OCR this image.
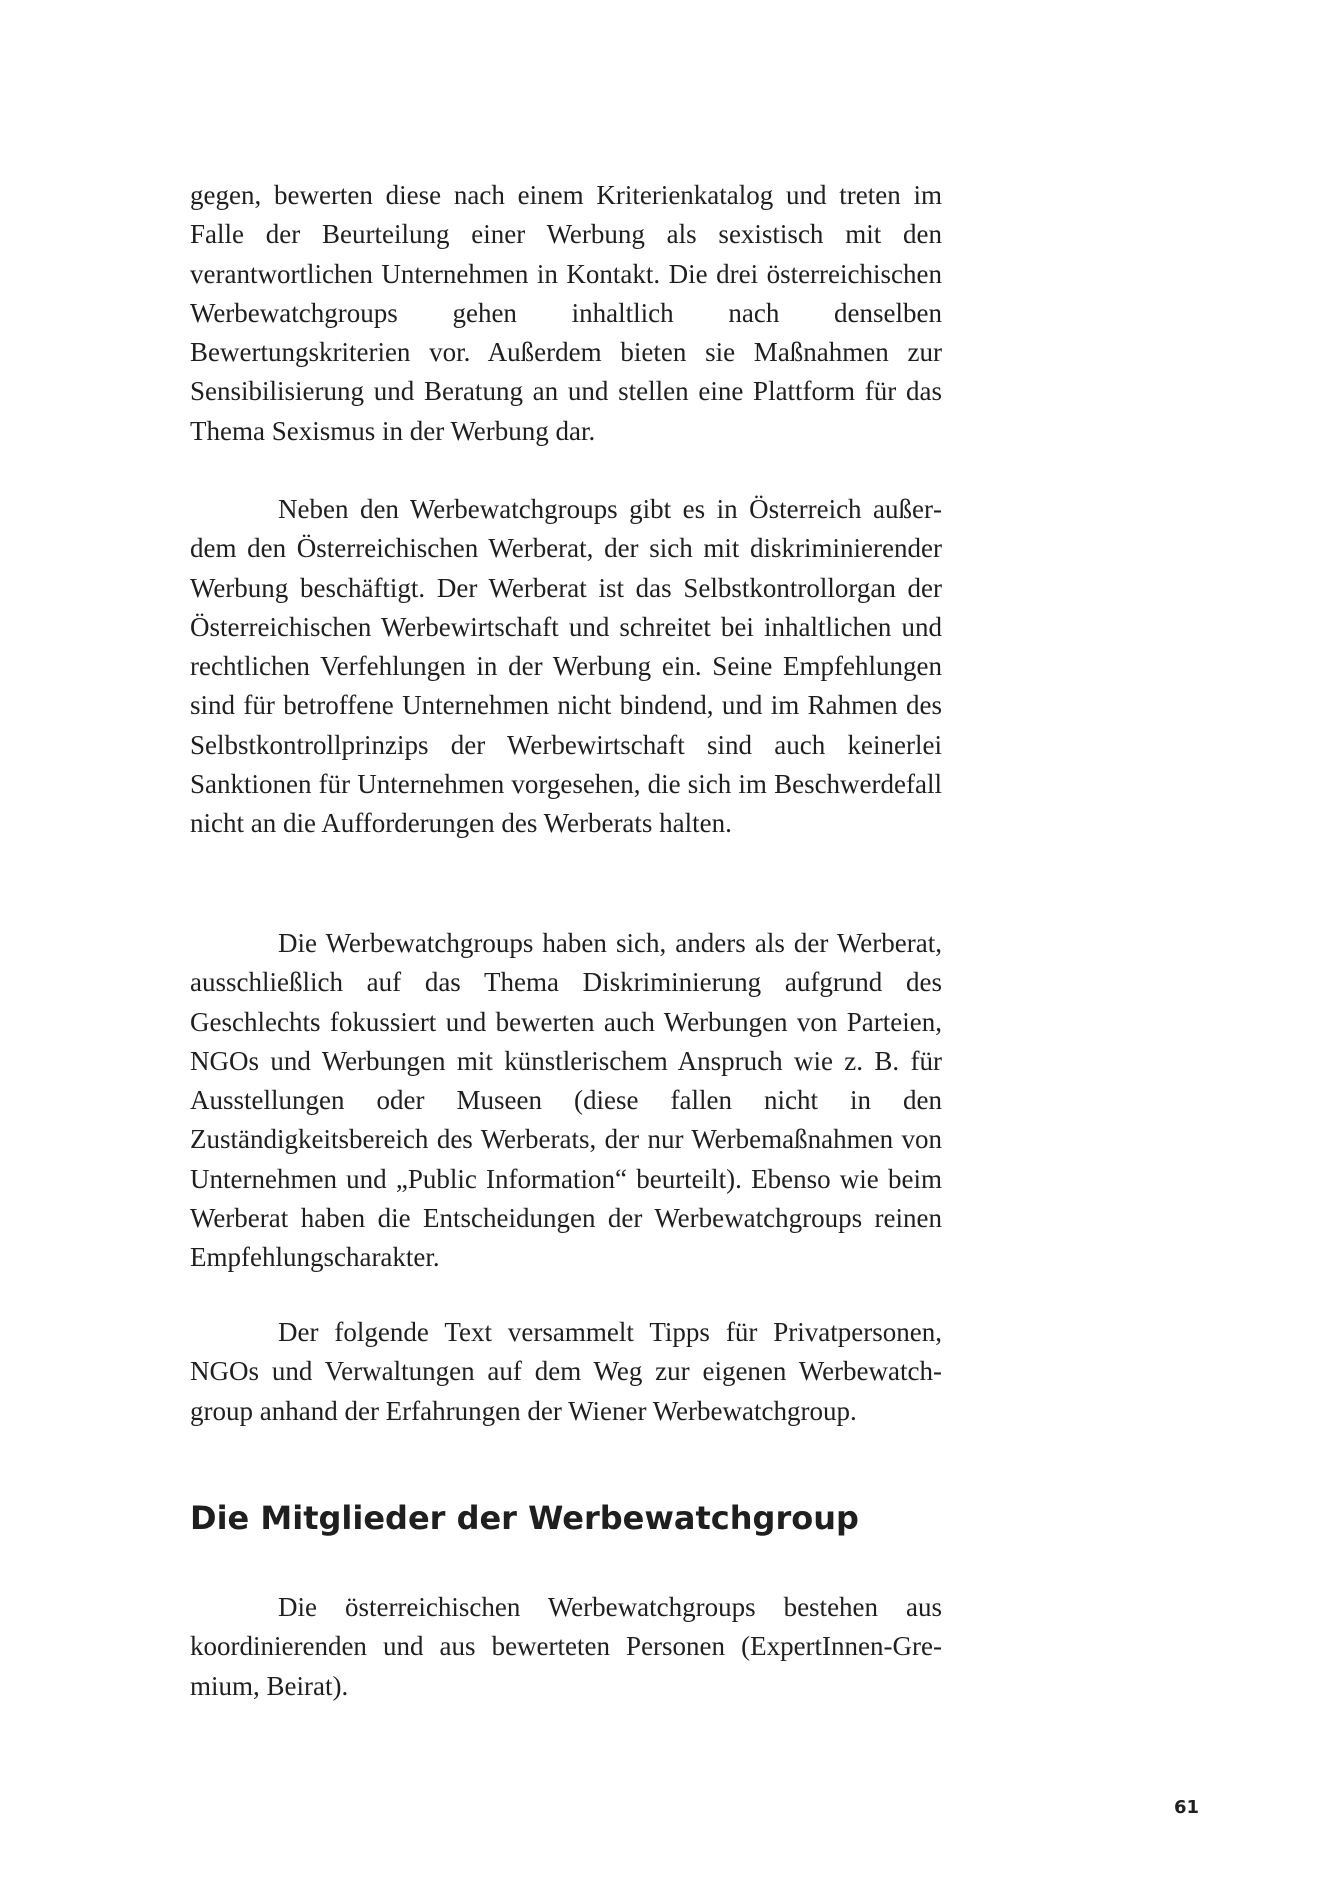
gegen, bewerten diese nach einem Kriterienkatalog und treten im Falle der Beurteilung einer Werbung als sexistisch mit den verantwortlichen Unternehmen in Kontakt. Die drei österreichischen Werbewatchgroups gehen inhaltlich nach denselben Bewertungskriterien vor. Außerdem bieten sie Maßnahmen zur Sensibilisierung und Beratung an und stellen eine Plattform für das Thema Sexismus in der Werbung dar.

Neben den Werbewatchgroups gibt es in Österreich außerdem den Österreichischen Werberat, der sich mit diskriminierender Werbung beschäftigt. Der Werberat ist das Selbstkontrollorgan der Österreichischen Werbewirtschaft und schreitet bei inhaltlichen und rechtlichen Verfehlungen in der Werbung ein. Seine Empfehlungen sind für betroffene Unternehmen nicht bindend, und im Rahmen des Selbstkontrollprinzips der Werbewirtschaft sind auch keinerlei Sanktionen für Unternehmen vorgesehen, die sich im Beschwerdefall nicht an die Aufforderungen des Werberats halten.

Die Werbewatchgroups haben sich, anders als der Werberat, ausschließlich auf das Thema Diskriminierung aufgrund des Geschlechts fokussiert und bewerten auch Werbungen von Parteien, NGOs und Werbungen mit künstlerischem Anspruch wie z. B. für Ausstellungen oder Museen (diese fallen nicht in den Zuständigkeitsbereich des Werberats, der nur Werbemaßnahmen von Unternehmen und „Public Information“ beurteilt). Ebenso wie beim Werberat haben die Entscheidungen der Werbewatchgroups reinen Empfehlungscharakter.

Der folgende Text versammelt Tipps für Privatpersonen, NGOs und Verwaltungen auf dem Weg zur eigenen Werbewatchgroup anhand der Erfahrungen der Wiener Werbewatchgroup.

Die Mitglieder der Werbewatchgroup

Die österreichischen Werbewatchgroups bestehen aus koordinierenden und aus bewerteten Personen (ExpertInnen-Gremium, Beirat).

61
